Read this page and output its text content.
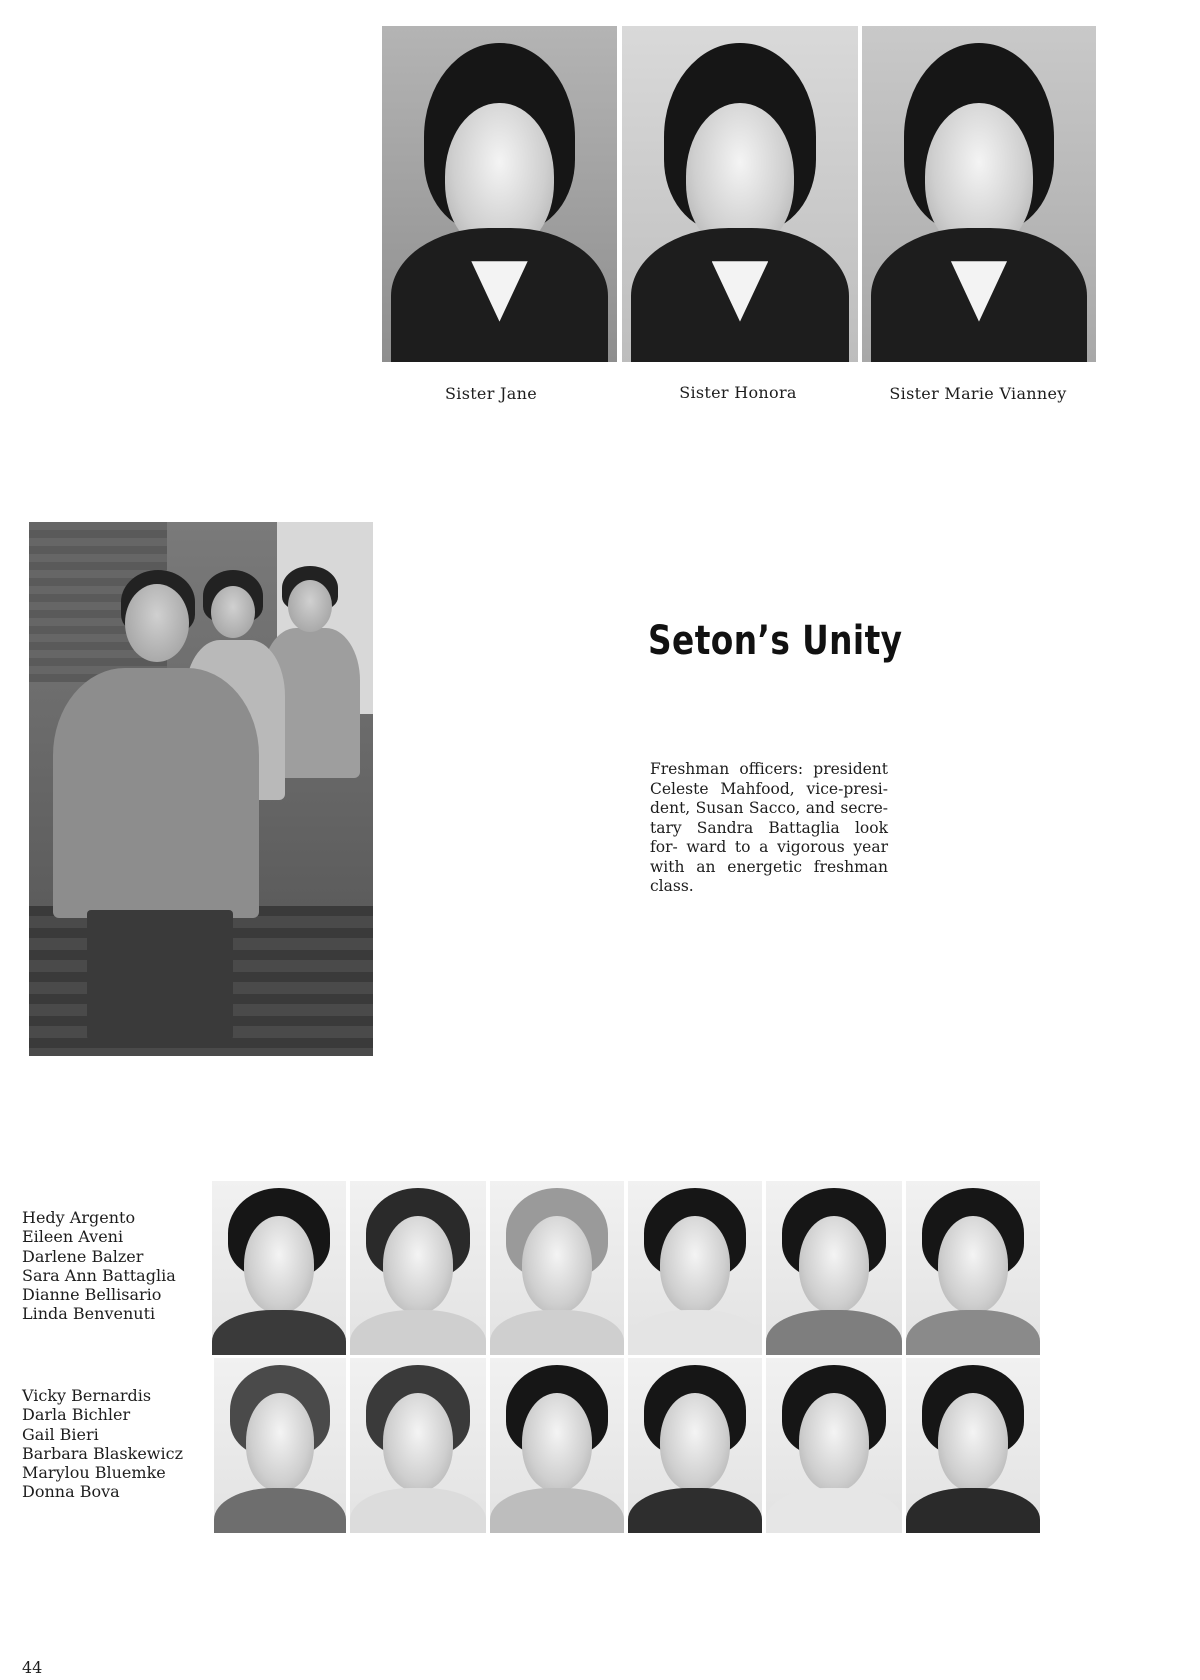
Sister Jane	Sister Honora	Sister Marie Vianney
Seton’s Unity
Freshman officers: president Celeste Mahfood, vice-presi- dent, Susan Sacco, and secre- tary Sandra Battaglia look for- ward to a vigorous year with an energetic freshman class.
Hedy Argento
Eileen Aveni
Darlene Balzer
Sara Ann Battaglia
Dianne Bellisario
Linda Benvenuti
Vicky Bernardis
Darla Bichler
Gail Bieri
Barbara Blaskewicz
Marylou Bluemke
Donna Bova
44
